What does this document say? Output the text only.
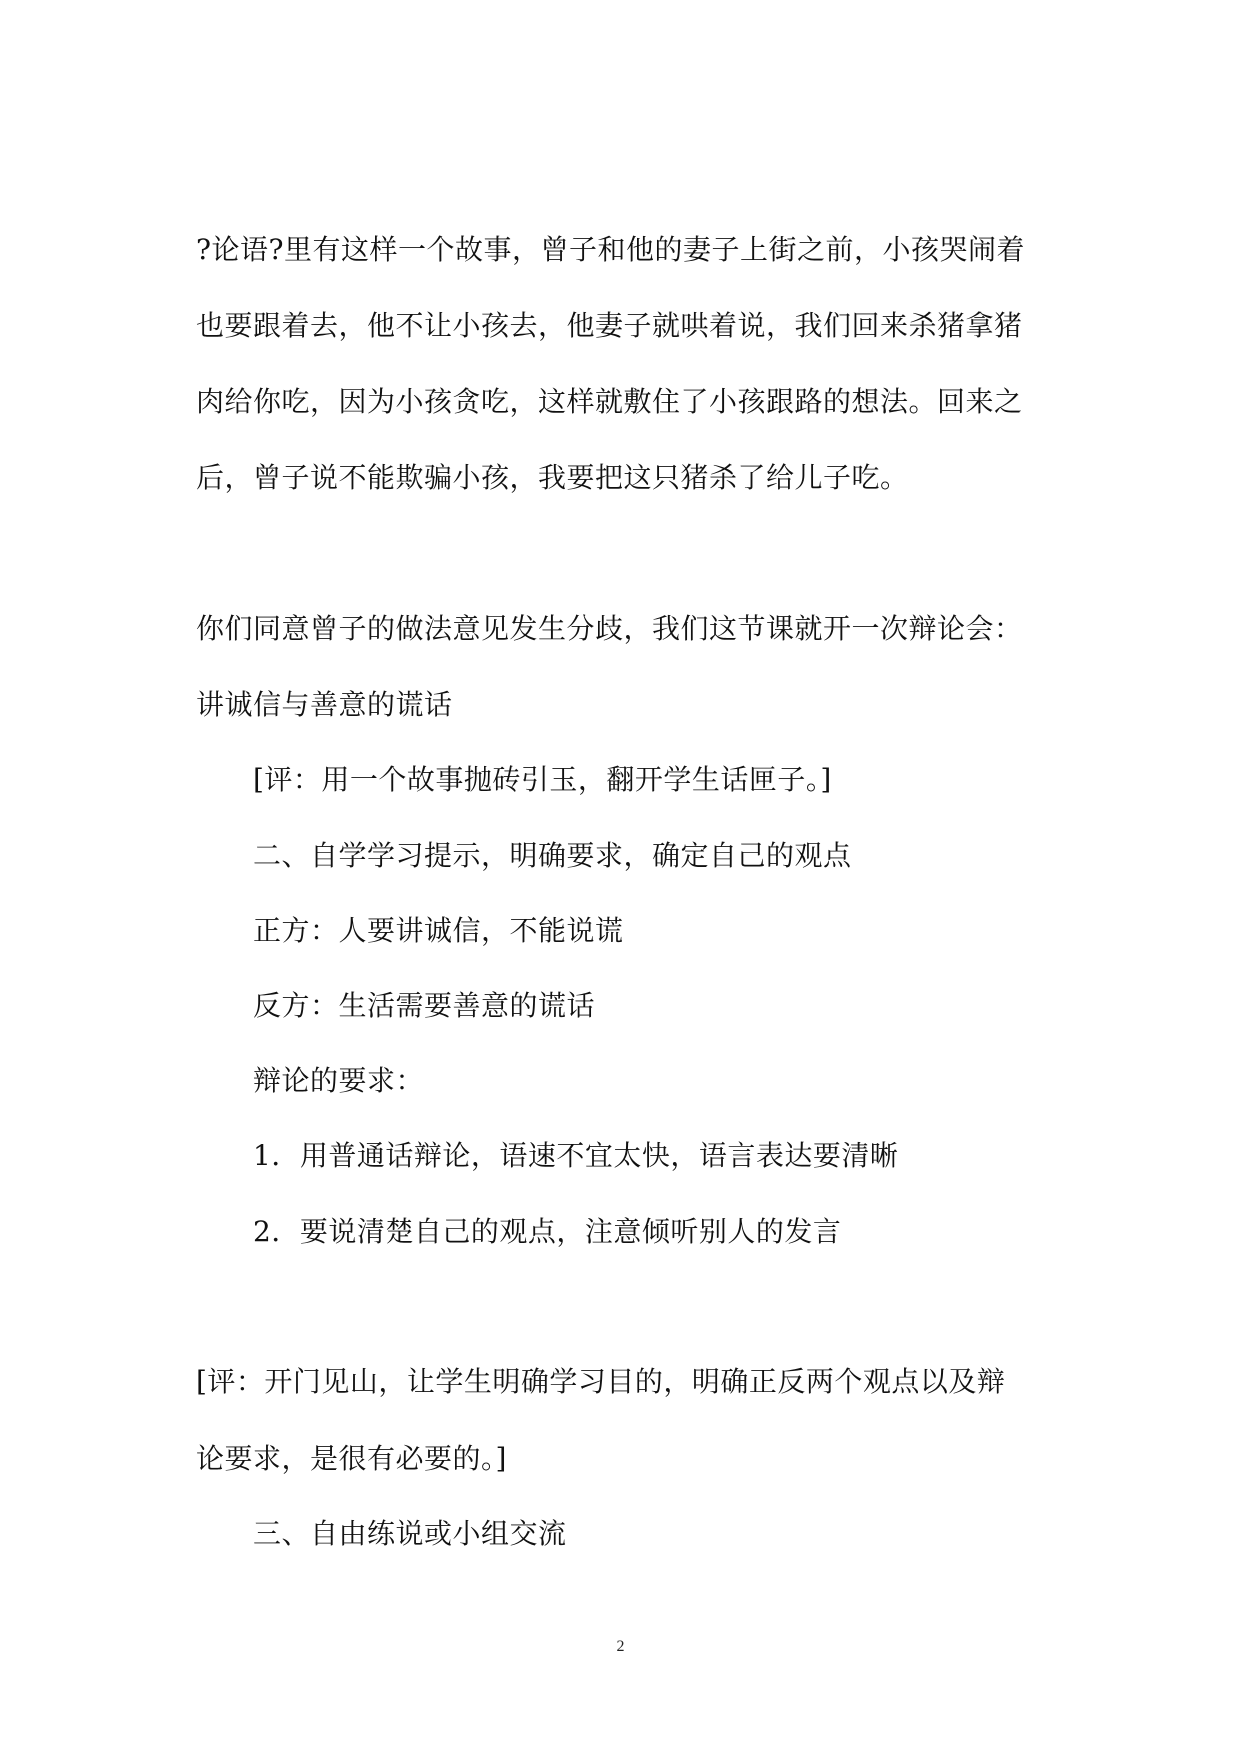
?论语?里有这样一个故事，曾子和他的妻子上街之前，小孩哭闹着
也要跟着去，他不让小孩去，他妻子就哄着说，我们回来杀猪拿猪
肉给你吃，因为小孩贪吃，这样就敷住了小孩跟路的想法。回来之
后，曾子说不能欺骗小孩，我要把这只猪杀了给儿子吃。
你们同意曾子的做法意见发生分歧，我们这节课就开一次辩论会：
讲诚信与善意的谎话
[评：用一个故事抛砖引玉，翻开学生话匣子。]
二、自学学习提示，明确要求，确定自己的观点
正方：人要讲诚信，不能说谎
反方：生活需要善意的谎话
辩论的要求：
1．用普通话辩论，语速不宜太快，语言表达要清晰
2．要说清楚自己的观点，注意倾听别人的发言
[评：开门见山，让学生明确学习目的，明确正反两个观点以及辩
论要求，是很有必要的。]
三、自由练说或小组交流
2
